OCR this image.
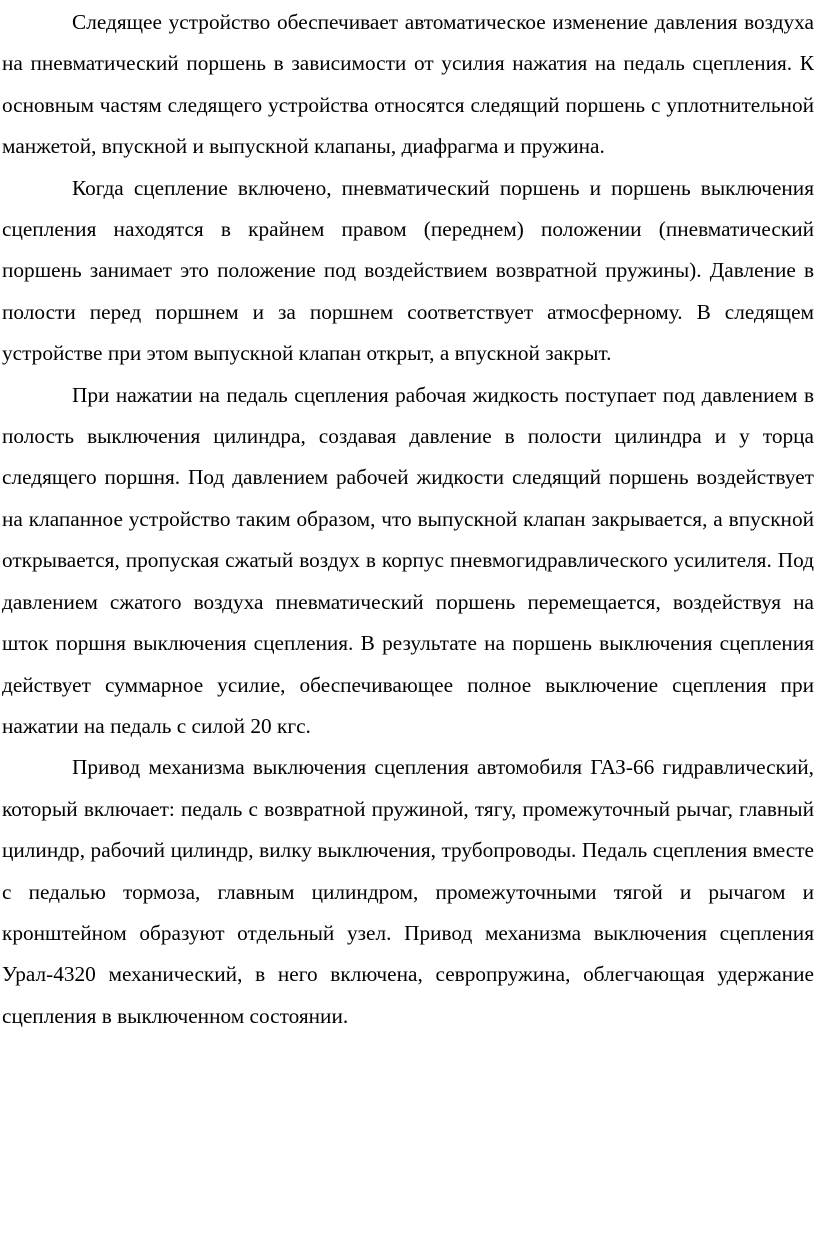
Следящее устройство обеспечивает автоматическое изменение давления воздуха на пневматический поршень в зависимости от усилия нажатия на педаль сцепления. К основным частям следящего устройства относятся следящий поршень с уплотнительной манжетой, впускной и выпускной клапаны, диафрагма и пружина.

Когда сцепление включено, пневматический поршень и поршень выключения сцепления находятся в крайнем правом (переднем) положении (пневматический поршень занимает это положение под воздействием возвратной пружины). Давление в полости перед поршнем и за поршнем соответствует атмосферному. В следящем устройстве при этом выпускной клапан открыт, а впускной закрыт.

При нажатии на педаль сцепления рабочая жидкость поступает под давлением в полость выключения цилиндра, создавая давление в полости цилиндра и у торца следящего поршня. Под давлением рабочей жидкости следящий поршень воздействует на клапанное устройство таким образом, что выпускной клапан закрывается, а впускной открывается, пропуская сжатый воздух в корпус пневмогидравлического усилителя. Под давлением сжатого воздуха пневматический поршень перемещается, воздействуя на шток поршня выключения сцепления. В результате на поршень выключения сцепления действует суммарное усилие, обеспечивающее полное выключение сцепления при нажатии на педаль с силой 20 кгс.

Привод механизма выключения сцепления автомобиля ГАЗ-66 гидравлический, который включает: педаль с возвратной пружиной, тягу, промежуточный рычаг, главный цилиндр, рабочий цилиндр, вилку выключения, трубопроводы. Педаль сцепления вместе с педалью тормоза, главным цилиндром, промежуточными тягой и рычагом и кронштейном образуют отдельный узел. Привод механизма выключения сцепления Урал-4320 механический, в него включена, севропружина, облегчающая удержание сцепления в выключенном состоянии.
